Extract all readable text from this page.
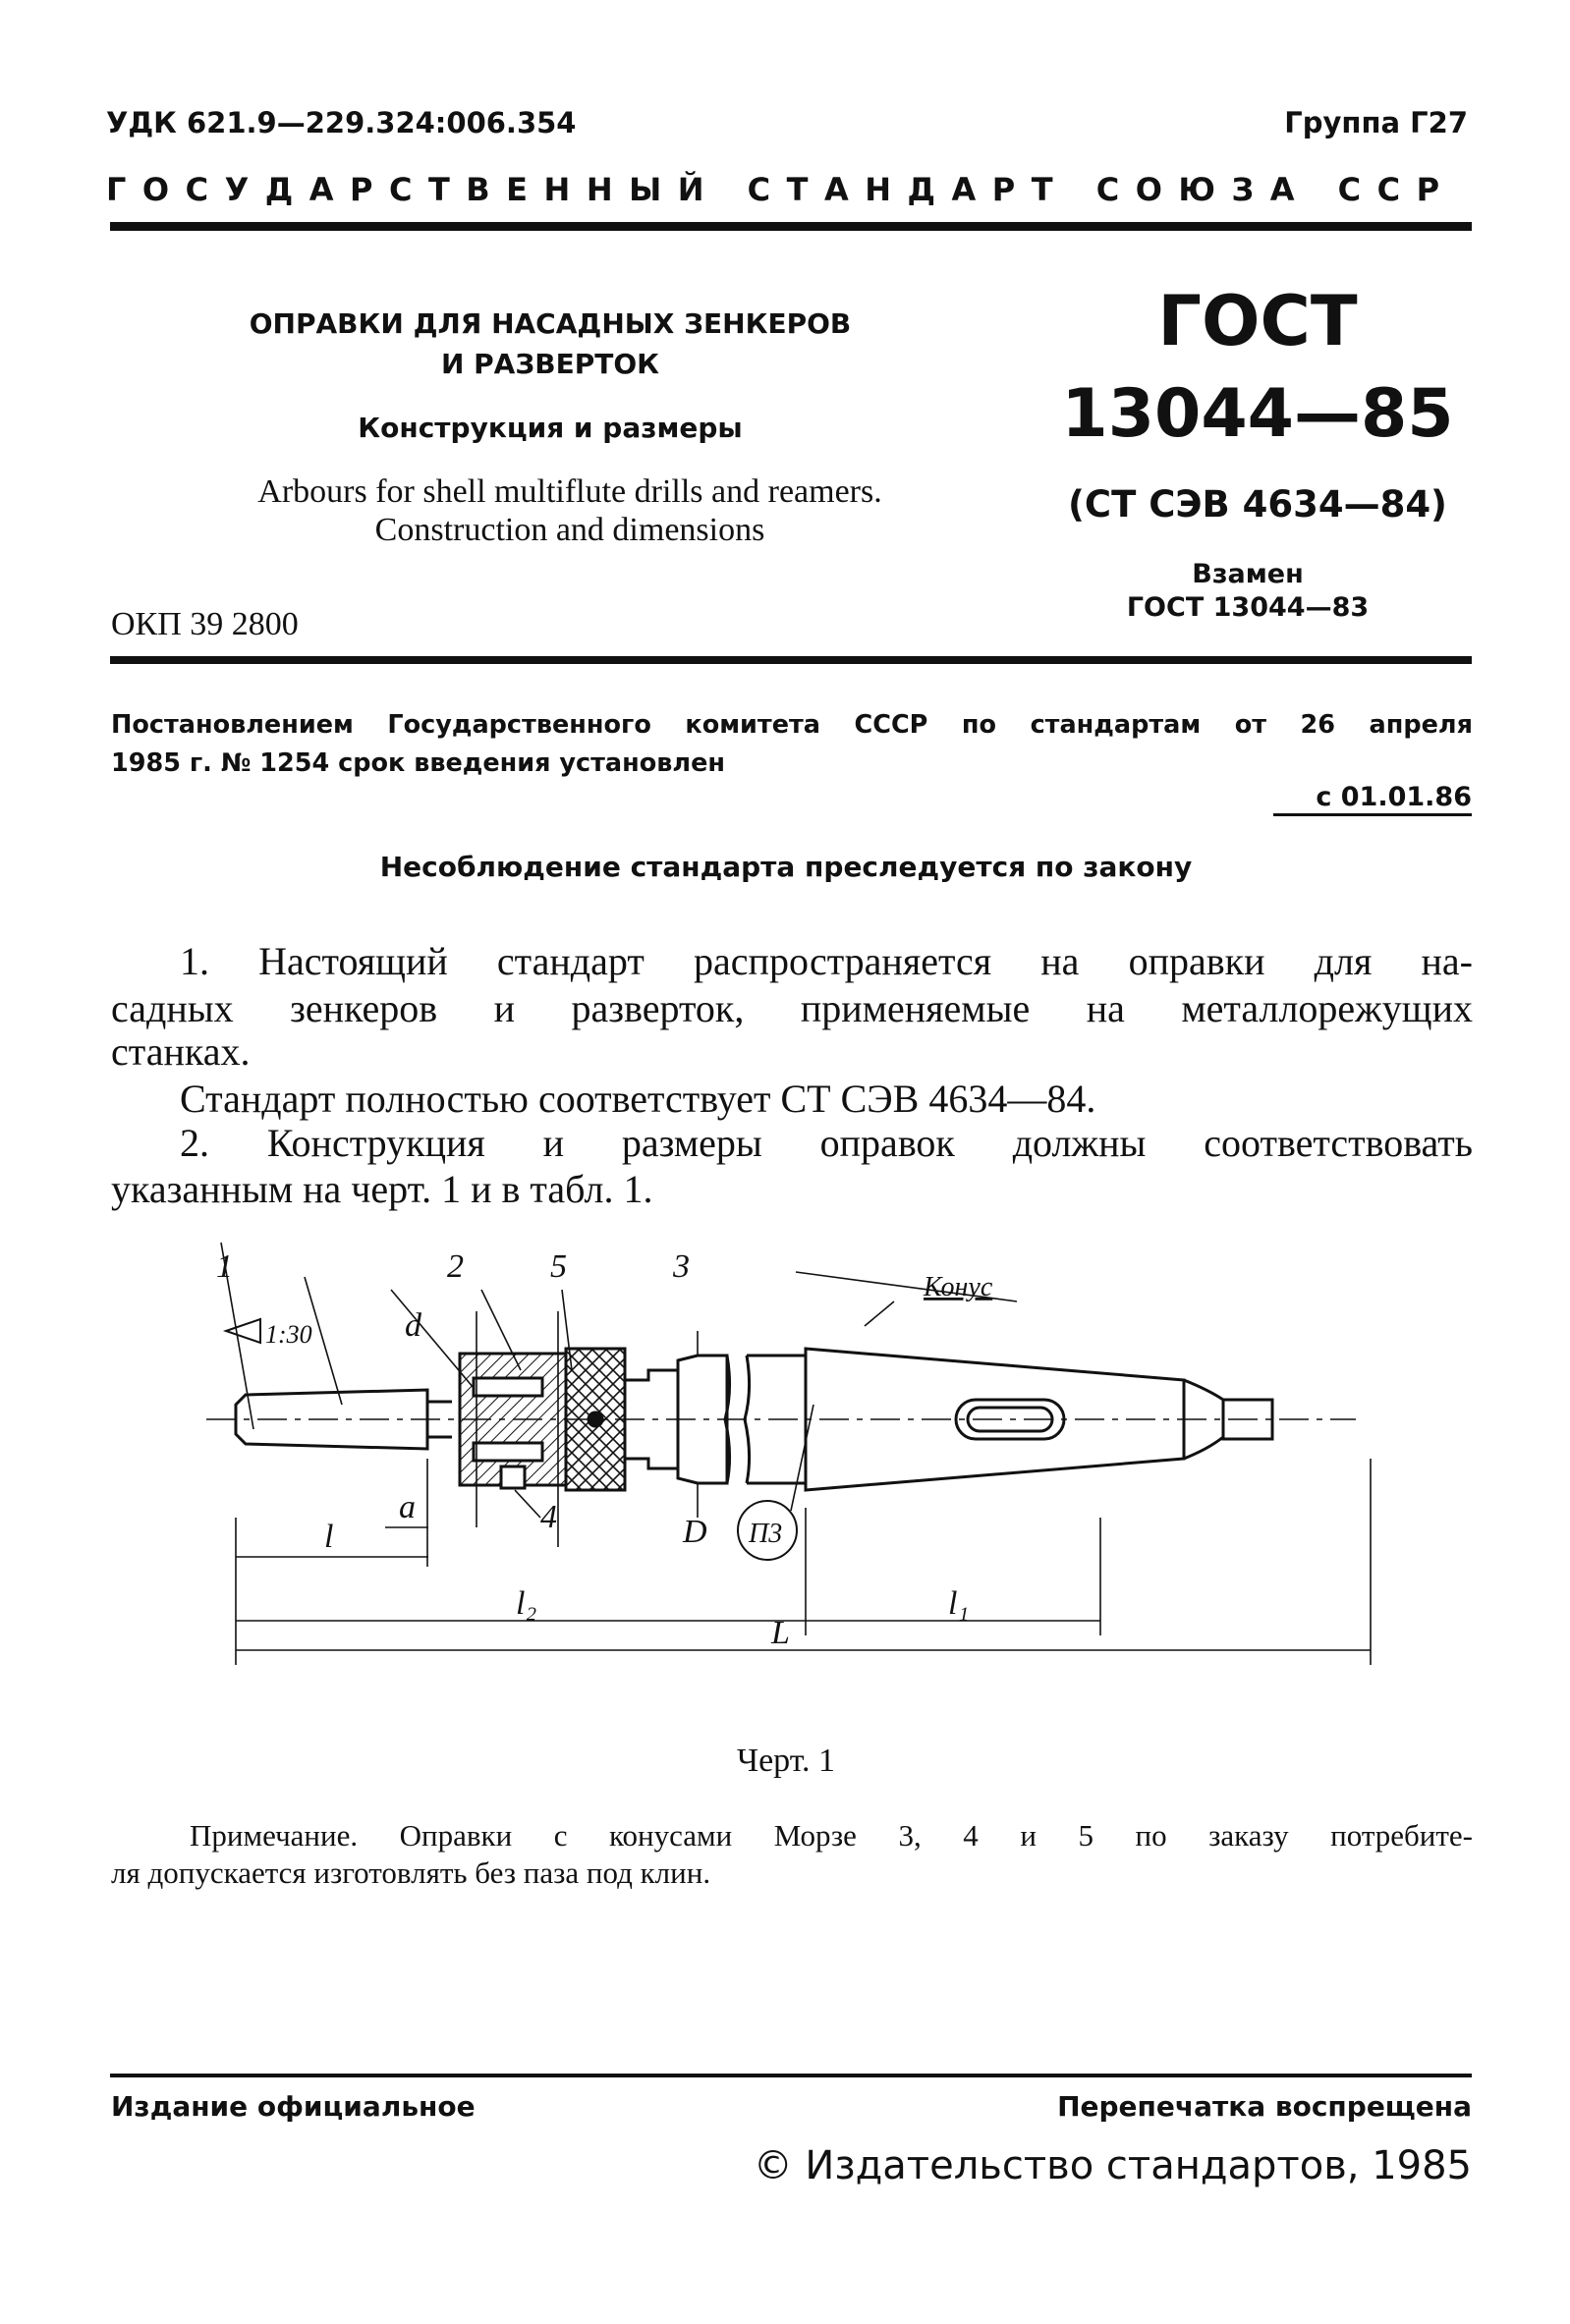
УДК 621.9—229.324:006.354	Группа Г27
ГОСУДАРСТВЕННЫЙ СТАНДАРТ СОЮЗА ССР
ОПРАВКИ ДЛЯ НАСАДНЫХ ЗЕНКЕРОВ
И РАЗВЕРТОК
Конструкция и размеры
Arbours for shell multiflute drills and reamers.
Construction and dimensions
ОКП 39 2800
ГОСТ
13044—85
(СТ СЭВ 4634—84)
Взамен
ГОСТ 13044—83
Постановлением Государственного комитета СССР по стандартам от 26 апреля
1985 г. № 1254 срок введения установлен
с 01.01.86
Несоблюдение стандарта преследуется по закону
1. Настоящий стандарт распространяется на оправки для на-
садных зенкеров и разверток, применяемые на металлорежущих
станках.
Стандарт полностью соответствует СТ СЭВ 4634—84.
2. Конструкция и размеры оправок должны соответствовать
указанным на черт. 1 и в табл. 1.
1	2	5	3
4
1:30
Конус
d
a
l
l₂	l₁
L
D П3
Черт. 1
Примечание. Оправки с конусами Морзе 3, 4 и 5 по заказу потребите-
ля допускается изготовлять без паза под клин.
Издание официальное	Перепечатка воспрещена
© Издательство стандартов, 1985
